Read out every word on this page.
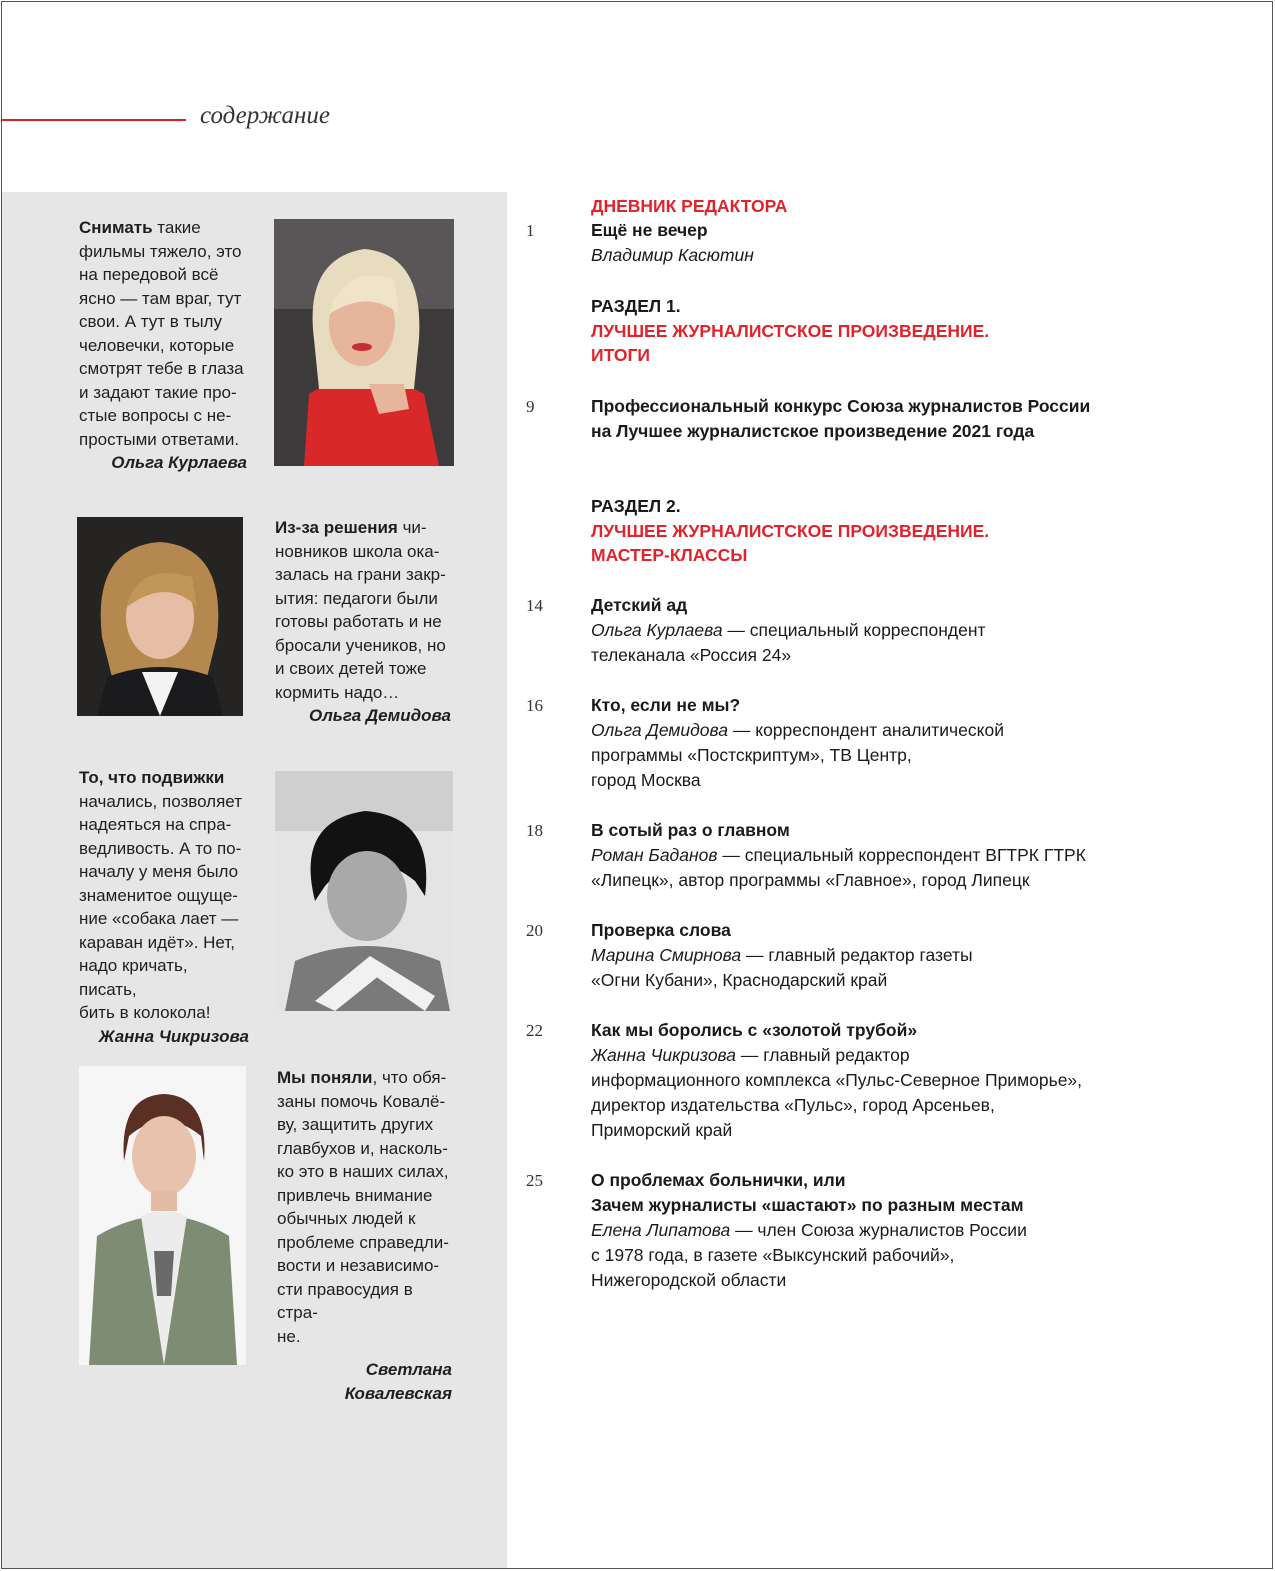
содержание
Снимать такие
фильмы тяжело, это
на передовой всё
ясно — там враг, тут
свои. А тут в тылу
человечки, которые
смотрят тебе в глаза
и задают такие про-
стые вопросы с не-
простыми ответами.
Ольга Курлаева
Из-за решения чи-
новников школа ока-
залась на грани закр-
ытия: педагоги были
готовы работать и не
бросали учеников, но
и своих детей тоже
кормить надо…
Ольга Демидова
То, что подвижки
начались, позволяет
надеяться на спра-
ведливость. А то по-
началу у меня было
знаменитое ощуще-
ние «собака лает —
караван идёт». Нет,
надо кричать, писать,
бить в колокола!
Жанна Чикризова
Мы поняли, что обя-
заны помочь Ковалё-
ву, защитить других
главбухов и, насколь-
ко это в наших силах,
привлечь внимание
обычных людей к
проблеме справедли-
вости и независимо-
сти правосудия в стра-
не.
Светлана
Ковалевская
ДНЕВНИК РЕДАКТОРА
1	Ещё не вечер
Владимир Касютин
РАЗДЕЛ 1.
ЛУЧШЕЕ ЖУРНАЛИСТСКОЕ ПРОИЗВЕДЕНИЕ.
ИТОГИ
9	Профессиональный конкурс Союза журналистов России
на Лучшее журналистское произведение 2021 года
РАЗДЕЛ 2.
ЛУЧШЕЕ ЖУРНАЛИСТСКОЕ ПРОИЗВЕДЕНИЕ.
МАСТЕР-КЛАССЫ
14	Детский ад
Ольга Курлаева — специальный корреспондент
телеканала «Россия 24»
16	Кто, если не мы?
Ольга Демидова — корреспондент аналитической
программы «Постскриптум», ТВ Центр,
город Москва
18	В сотый раз о главном
Роман Баданов — специальный корреспондент ВГТРК ГТРК
«Липецк», автор программы «Главное», город Липецк
20	Проверка слова
Марина Смирнова — главный редактор газеты
«Огни Кубани», Краснодарский край
22	Как мы боролись с «золотой трубой»
Жанна Чикризова — главный редактор
информационного комплекса «Пульс-Северное Приморье»,
директор издательства «Пульс», город Арсеньев,
Приморский край
25	О проблемах больнички, или
Зачем журналисты «шастают» по разным местам
Елена Липатова — член Союза журналистов России
с 1978 года, в газете «Выксунский рабочий»,
Нижегородской области
